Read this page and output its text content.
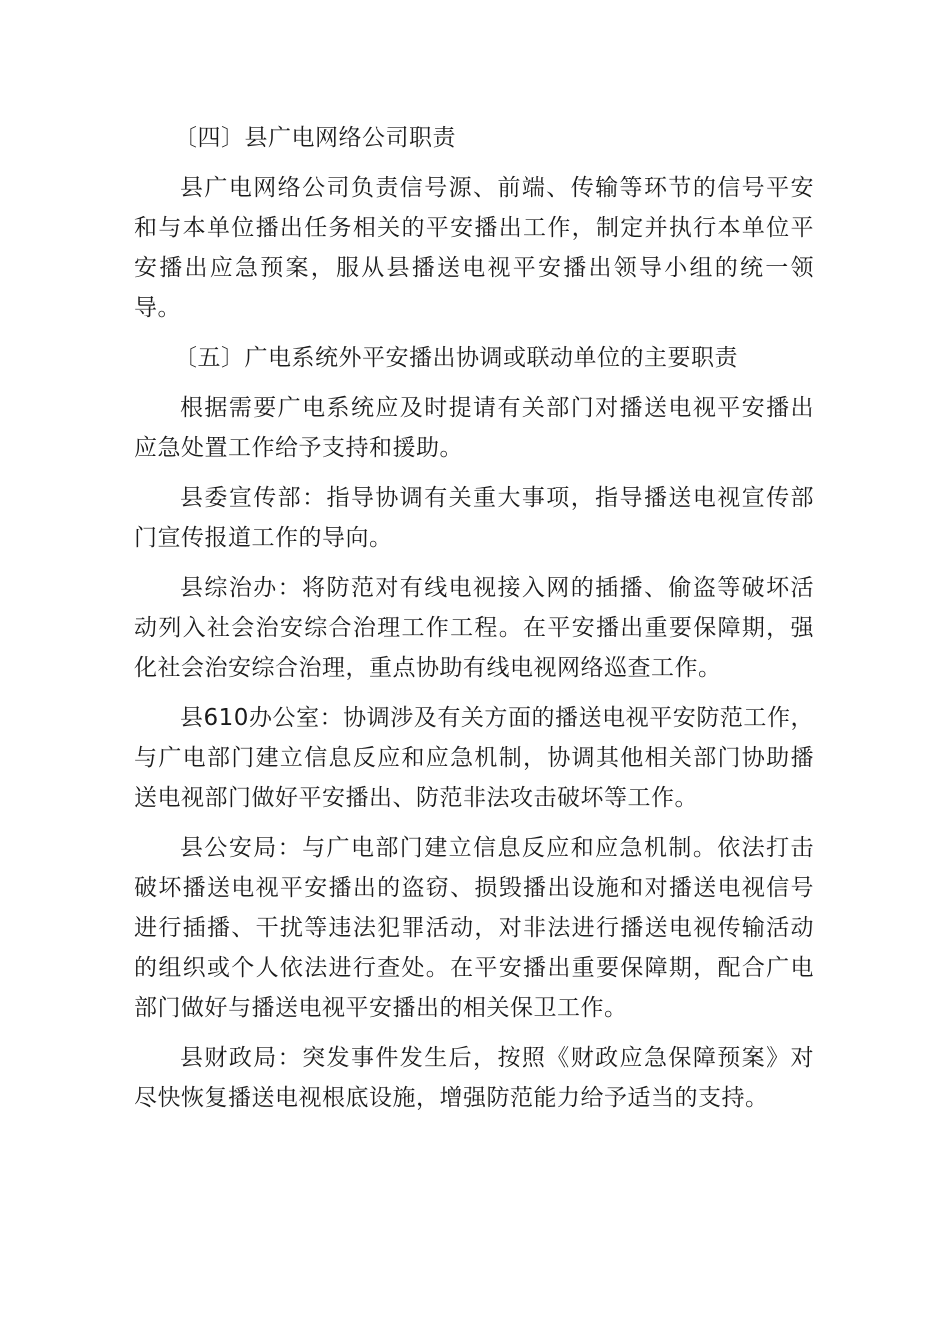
〔四〕县广电网络公司职责

县广电网络公司负责信号源、前端、传输等环节的信号平安和与本单位播出任务相关的平安播出工作，制定并执行本单位平安播出应急预案，服从县播送电视平安播出领导小组的统一领导。

〔五〕广电系统外平安播出协调或联动单位的主要职责

根据需要广电系统应及时提请有关部门对播送电视平安播出应急处置工作给予支持和援助。

县委宣传部：指导协调有关重大事项，指导播送电视宣传部门宣传报道工作的导向。

县综治办：将防范对有线电视接入网的插播、偷盗等破坏活动列入社会治安综合治理工作工程。在平安播出重要保障期，强化社会治安综合治理，重点协助有线电视网络巡查工作。

县610办公室：协调涉及有关方面的播送电视平安防范工作，与广电部门建立信息反应和应急机制，协调其他相关部门协助播送电视部门做好平安播出、防范非法攻击破坏等工作。

县公安局：与广电部门建立信息反应和应急机制。依法打击破坏播送电视平安播出的盗窃、损毁播出设施和对播送电视信号进行插播、干扰等违法犯罪活动，对非法进行播送电视传输活动的组织或个人依法进行查处。在平安播出重要保障期，配合广电部门做好与播送电视平安播出的相关保卫工作。

县财政局：突发事件发生后，按照《财政应急保障预案》对尽快恢复播送电视根底设施，增强防范能力给予适当的支持。
